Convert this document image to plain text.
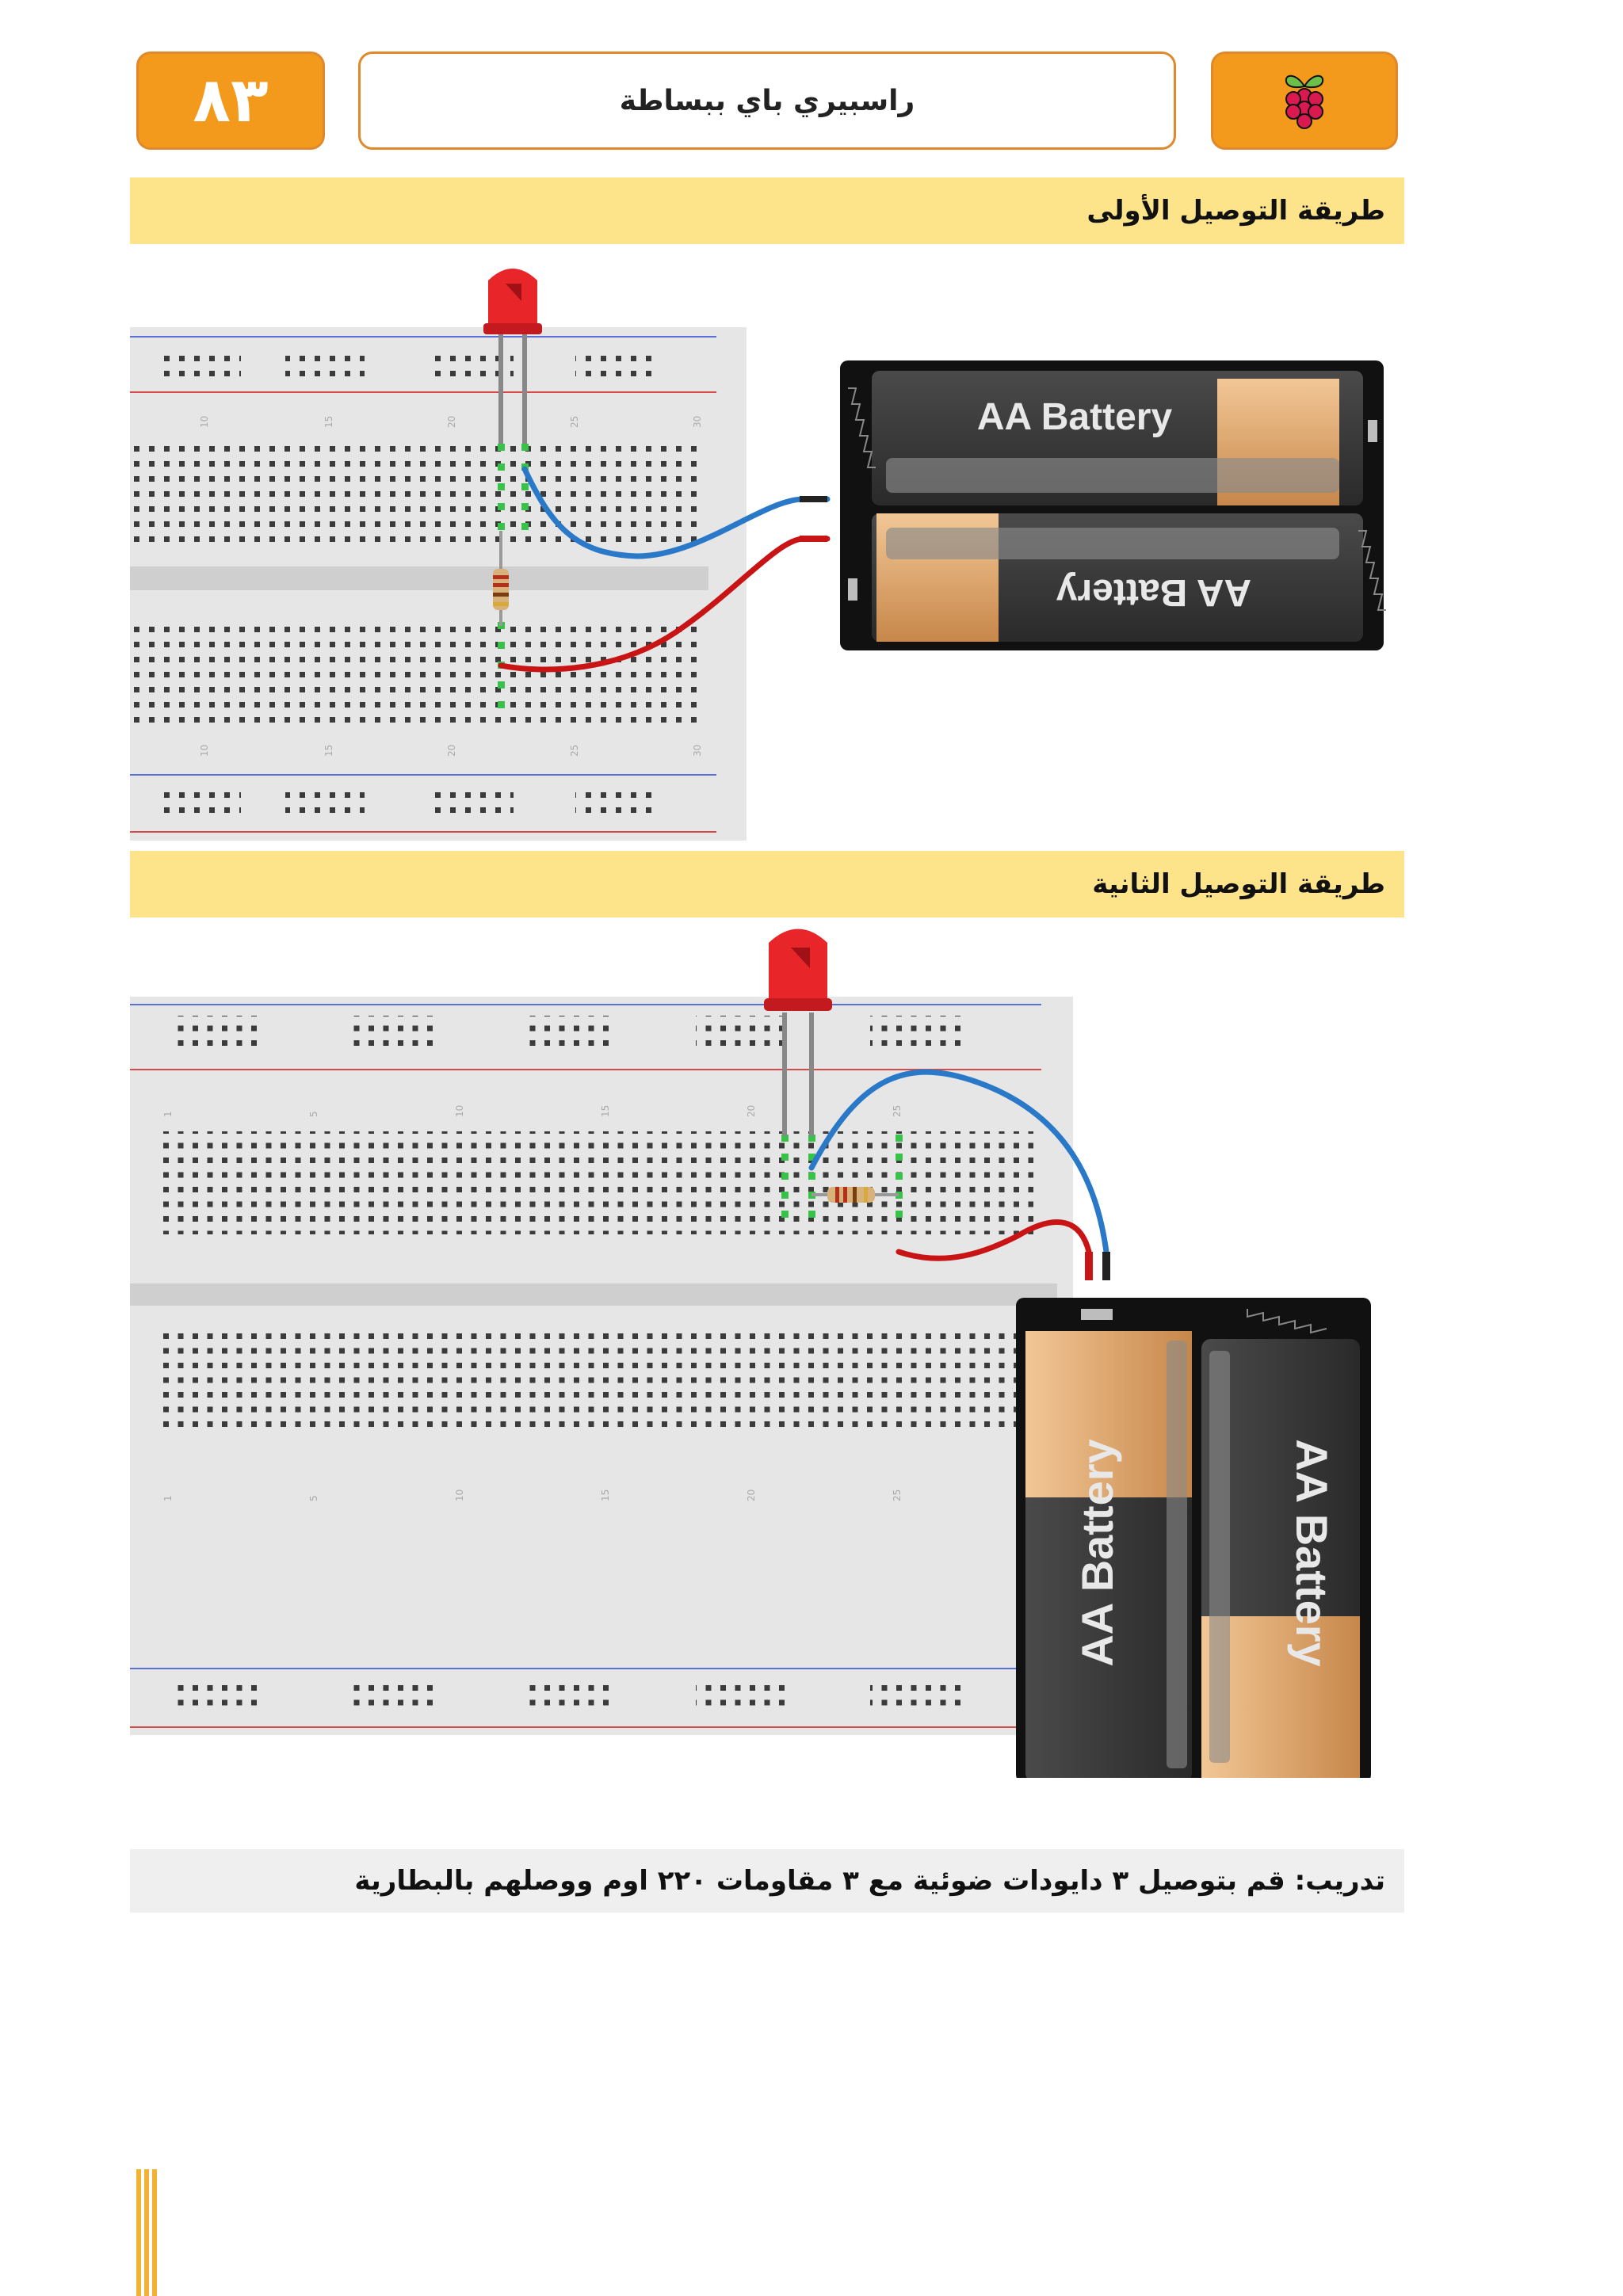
٨٣	راسبيري باي ببساطة
طريقة التوصيل الأولى
10	15	20	25	30
10	15	20	25	30
AA Battery
AA Battery
طريقة التوصيل الثانية
1	5	10	15	20	25
1	5	10	15	20	25	AA Battery	AA Battery
تدريب: قم بتوصيل ٣ دايودات ضوئية مع ٣ مقاومات ٢٢٠ اوم ووصلهم بالبطارية
